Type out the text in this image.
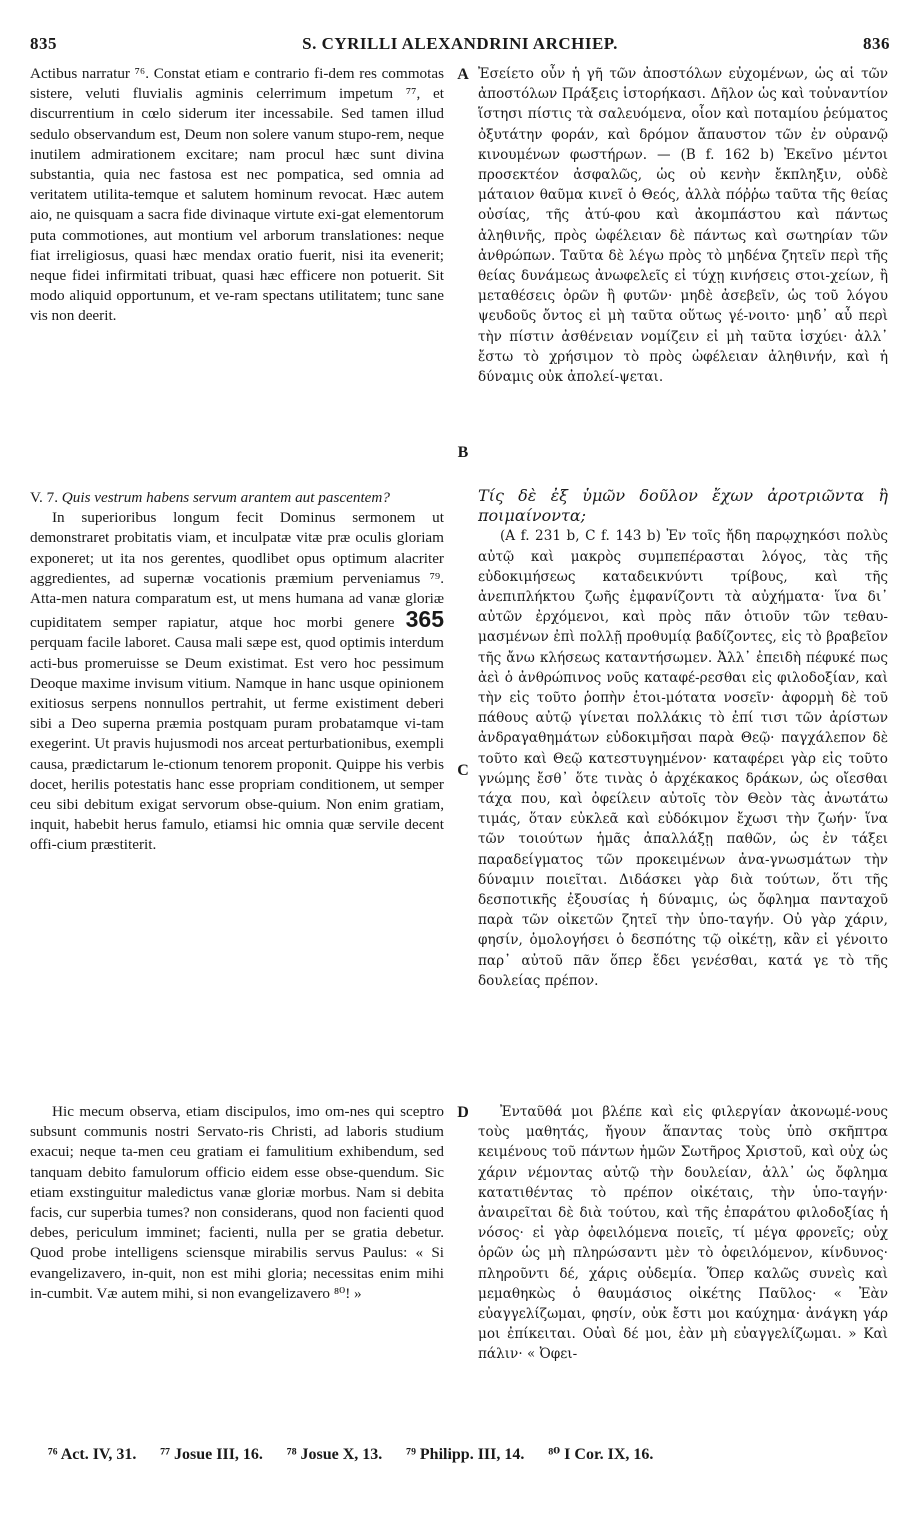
835	S. CYRILLI ALEXANDRINI ARCHIEP.	836

Actibus narratur ⁷⁶. Constat etiam e contrario fi-dem res commotas sistere, veluti fluvialis agminis celerrimum impetum ⁷⁷, et discurrentium in cœlo siderum iter incessabile. Sed tamen illud sedulo observandum est, Deum non solere vanum stupo-rem, neque inutilem admirationem excitare; nam procul hæc sunt divina substantia, quia nec fastosa est nec pompatica, sed omnia ad veritatem utilita-temque et salutem hominum revocat. Hæc autem aio, ne quisquam a sacra fide divinaque virtute exi-gat elementorum puta commotiones, aut montium vel arborum translationes: neque fiat irreligiosus, quasi hæc mendax oratio fuerit, nisi ita evenerit; neque fidei infirmitati tribuat, quasi hæc efficere non potuerit. Sit modo aliquid opportunum, et ve-ram spectans utilitatem; tunc sane vis non deerit.

V. 7. Quis vestrum habens servum arantem aut pascentem?

In superioribus longum fecit Dominus sermonem ut demonstraret probitatis viam, et inculpatæ vitæ præ oculis gloriam exponeret; ut ita nos gerentes, quodlibet opus optimum alacriter aggredientes, ad supernæ vocationis præmium perveniamus ⁷⁹. Atta-men natura comparatum est, ut mens humana ad vanæ gloriæ cupiditatem semper rapiatur, atque hoc morbi genere 365 perquam facile laboret. Causa mali sæpe est, quod optimis interdum acti-bus promeruisse se Deum existimat. Est vero hoc pessimum Deoque maxime invisum vitium. Namque in hanc usque opinionem exitiosus serpens nonnullos pertrahit, ut ferme existiment deberi sibi a Deo superna præmia postquam puram probatamque vi-tam exegerint. Ut pravis hujusmodi nos arceat perturbationibus, exempli causa, prædictarum le-ctionum tenorem proponit. Quippe his verbis docet, herilis potestatis hanc esse propriam conditionem, ut semper ceu sibi debitum exigat servorum obse-quium. Non enim gratiam, inquit, habebit herus famulo, etiamsi hic omnia quæ servile decent offi-cium præstiterit.

Hic mecum observa, etiam discipulos, imo om-nes qui sceptro subsunt communis nostri Servato-ris Christi, ad laboris studium exacui; neque ta-men ceu gratiam ei famulitium exhibendum, sed tanquam debito famulorum officio eidem esse obse-quendum. Sic etiam exstinguitur maledictus vanæ gloriæ morbus. Nam si debita facis, cur superbia tumes? non considerans, quod non facienti quod debes, periculum imminet; facienti, nulla per se gratia debetur. Quod probe intelligens sciensque mirabilis servus Paulus: « Si evangelizavero, in-quit, non est mihi gloria; necessitas enim mihi in-cumbit. Væ autem mihi, si non evangelizavero ⁸⁰! »

A
B
C
D

Ἐσείετο οὖν ἡ γῆ τῶν ἀποστόλων εὐχομένων, ὡς αἱ τῶν ἀποστόλων Πράξεις ἱστορήκασι. Δῆλον ὡς καὶ τοὐναντίον ἵστησι πίστις τὰ σαλευόμενα, οἷον καὶ ποταμίου ῥεύματος ὀξυτάτην φοράν, καὶ δρόμον ἄπαυστον τῶν ἐν οὐρανῷ κινουμένων φωστήρων. — (B f. 162 b) Ἐκεῖνο μέντοι προσεκτέον ἀσφαλῶς, ὡς οὐ κενὴν ἔκπληξιν, οὐδὲ μάταιον θαῦμα κινεῖ ὁ Θεός, ἀλλὰ πόῤῥω ταῦτα τῆς θείας οὐσίας, τῆς ἀτύ-φου καὶ ἀκομπάστου καὶ πάντως ἀληθινῆς, πρὸς ὠφέλειαν δὲ πάντως καὶ σωτηρίαν τῶν ἀνθρώπων. Ταῦτα δὲ λέγω πρὸς τὸ μηδένα ζητεῖν περὶ τῆς θείας δυνάμεως ἀνωφελεῖς εἰ τύχῃ κινήσεις στοι-χείων, ἢ μεταθέσεις ὀρῶν ἢ φυτῶν· μηδὲ ἀσεβεῖν, ὡς τοῦ λόγου ψευδοῦς ὄντος εἰ μὴ ταῦτα οὕτως γέ-νοιτο· μηδ᾽ αὖ περὶ τὴν πίστιν ἀσθένειαν νομίζειν εἰ μὴ ταῦτα ἰσχύει· ἀλλ᾽ ἔστω τὸ χρήσιμον τὸ πρὸς ὠφέλειαν ἀληθινήν, καὶ ἡ δύναμις οὐκ ἀπολεί-ψεται.

Τίς δὲ ἐξ ὑμῶν δοῦλον ἔχων ἀροτριῶντα ἢ ποιμαίνοντα;

(A f. 231 b, C f. 143 b) Ἐν τοῖς ἤδη παρῳχηκόσι πολὺς αὐτῷ καὶ μακρὸς συμπεπέρασται λόγος, τὰς τῆς εὐδοκιμήσεως καταδεικνύντι τρίβους, καὶ τῆς ἀνεπιπλήκτου ζωῆς ἐμφανίζοντι τὰ αὐχήματα· ἵνα δι᾽ αὐτῶν ἐρχόμενοι, καὶ πρὸς πᾶν ὁτιοῦν τῶν τεθαυ-μασμένων ἐπὶ πολλῇ προθυμίᾳ βαδίζοντες, εἰς τὸ βραβεῖον τῆς ἄνω κλήσεως καταντήσωμεν. Ἀλλ᾽ ἐπειδὴ πέφυκέ πως ἀεὶ ὁ ἀνθρώπινος νοῦς καταφέ-ρεσθαι εἰς φιλοδοξίαν, καὶ τὴν εἰς τοῦτο ῥοπὴν ἑτοι-μότατα νοσεῖν· ἀφορμὴ δὲ τοῦ πάθους αὐτῷ γίνεται πολλάκις τὸ ἐπί τισι τῶν ἀρίστων ἀνδραγαθημάτων εὐδοκιμῆσαι παρὰ Θεῷ· παγχάλεπον δὲ τοῦτο καὶ Θεῷ κατεστυγημένον· καταφέρει γὰρ εἰς τοῦτο γνώμης ἔσθ᾽ ὅτε τινὰς ὁ ἀρχέκακος δράκων, ὡς οἴεσθαι τάχα που, καὶ ὀφείλειν αὐτοῖς τὸν Θεὸν τὰς ἀνωτάτω τιμάς, ὅταν εὐκλεᾶ καὶ εὐδόκιμον ἔχωσι τὴν ζωήν· ἵνα τῶν τοιούτων ἡμᾶς ἀπαλλάξῃ παθῶν, ὡς ἐν τάξει παραδείγματος τῶν προκειμένων ἀνα-γνωσμάτων τὴν δύναμιν ποιεῖται. Διδάσκει γὰρ διὰ τούτων, ὅτι τῆς δεσποτικῆς ἐξουσίας ἡ δύναμις, ὡς ὄφλημα πανταχοῦ παρὰ τῶν οἰκετῶν ζητεῖ τὴν ὑπο-ταγήν. Οὐ γὰρ χάριν, φησίν, ὁμολογήσει ὁ δεσπότης τῷ οἰκέτῃ, κἂν εἰ γένοιτο παρ᾽ αὐτοῦ πᾶν ὅπερ ἔδει γενέσθαι, κατά γε τὸ τῆς δουλείας πρέπον.

Ἐνταῦθά μοι βλέπε καὶ εἰς φιλεργίαν ἀκονωμέ-νους τοὺς μαθητάς, ἤγουν ἅπαντας τοὺς ὑπὸ σκῆπτρα κειμένους τοῦ πάντων ἡμῶν Σωτῆρος Χριστοῦ, καὶ οὐχ ὡς χάριν νέμοντας αὐτῷ τὴν δουλείαν, ἀλλ᾽ ὡς ὄφλημα κατατιθέντας τὸ πρέπον οἰκέταις, τὴν ὑπο-ταγήν· ἀναιρεῖται δὲ διὰ τούτου, καὶ τῆς ἐπαράτου φιλοδοξίας ἡ νόσος· εἰ γὰρ ὀφειλόμενα ποιεῖς, τί μέγα φρονεῖς; οὐχ ὁρῶν ὡς μὴ πληρώσαντι μὲν τὸ ὀφειλόμενον, κίνδυνος· πληροῦντι δέ, χάρις οὐδεμία. Ὅπερ καλῶς συνεὶς καὶ μεμαθηκὼς ὁ θαυμάσιος οἰκέτης Παῦλος· « Ἐὰν εὐαγγελίζωμαι, φησίν, οὐκ ἔστι μοι καύχημα· ἀνάγκη γάρ μοι ἐπίκειται. Οὐαὶ δέ μοι, ἐὰν μὴ εὐαγγελίζωμαι. » Καὶ πάλιν· « Ὀφει-

⁷⁶ Act. IV, 31. ⁷⁷ Josue III, 16. ⁷⁸ Josue X, 13. ⁷⁹ Philipp. III, 14. ⁸⁰ I Cor. IX, 16.
